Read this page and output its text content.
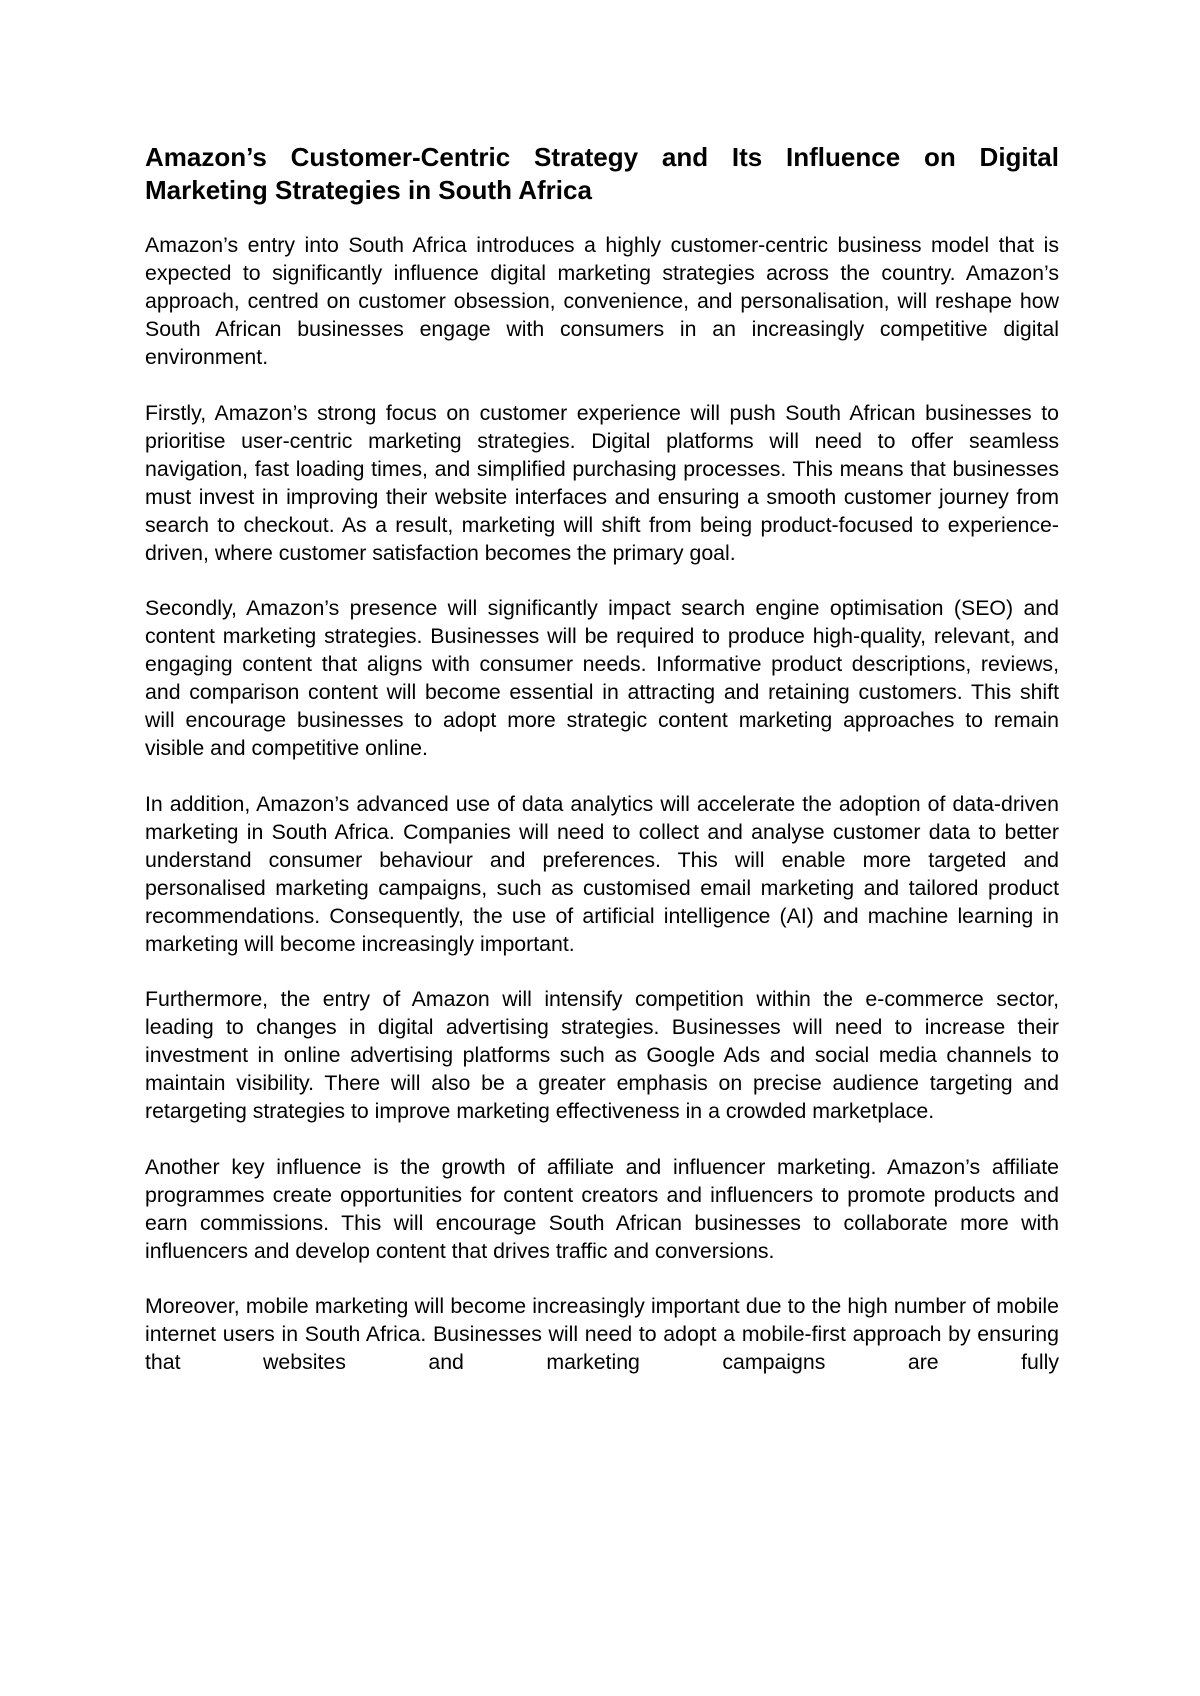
Amazon’s Customer-Centric Strategy and Its Influence on Digital Marketing Strategies in South Africa

Amazon’s entry into South Africa introduces a highly customer-centric business model that is expected to significantly influence digital marketing strategies across the country. Amazon’s approach, centred on customer obsession, convenience, and personalisation, will reshape how South African businesses engage with consumers in an increasingly competitive digital environment.

Firstly, Amazon’s strong focus on customer experience will push South African businesses to prioritise user-centric marketing strategies. Digital platforms will need to offer seamless navigation, fast loading times, and simplified purchasing processes. This means that businesses must invest in improving their website interfaces and ensuring a smooth customer journey from search to checkout. As a result, marketing will shift from being product-focused to experience-driven, where customer satisfaction becomes the primary goal.

Secondly, Amazon’s presence will significantly impact search engine optimisation (SEO) and content marketing strategies. Businesses will be required to produce high-quality, relevant, and engaging content that aligns with consumer needs. Informative product descriptions, reviews, and comparison content will become essential in attracting and retaining customers. This shift will encourage businesses to adopt more strategic content marketing approaches to remain visible and competitive online.

In addition, Amazon’s advanced use of data analytics will accelerate the adoption of data-driven marketing in South Africa. Companies will need to collect and analyse customer data to better understand consumer behaviour and preferences. This will enable more targeted and personalised marketing campaigns, such as customised email marketing and tailored product recommendations. Consequently, the use of artificial intelligence (AI) and machine learning in marketing will become increasingly important.

Furthermore, the entry of Amazon will intensify competition within the e-commerce sector, leading to changes in digital advertising strategies. Businesses will need to increase their investment in online advertising platforms such as Google Ads and social media channels to maintain visibility. There will also be a greater emphasis on precise audience targeting and retargeting strategies to improve marketing effectiveness in a crowded marketplace.

Another key influence is the growth of affiliate and influencer marketing. Amazon’s affiliate programmes create opportunities for content creators and influencers to promote products and earn commissions. This will encourage South African businesses to collaborate more with influencers and develop content that drives traffic and conversions.

Moreover, mobile marketing will become increasingly important due to the high number of mobile internet users in South Africa. Businesses will need to adopt a mobile-first approach by ensuring that websites and marketing campaigns are fully
